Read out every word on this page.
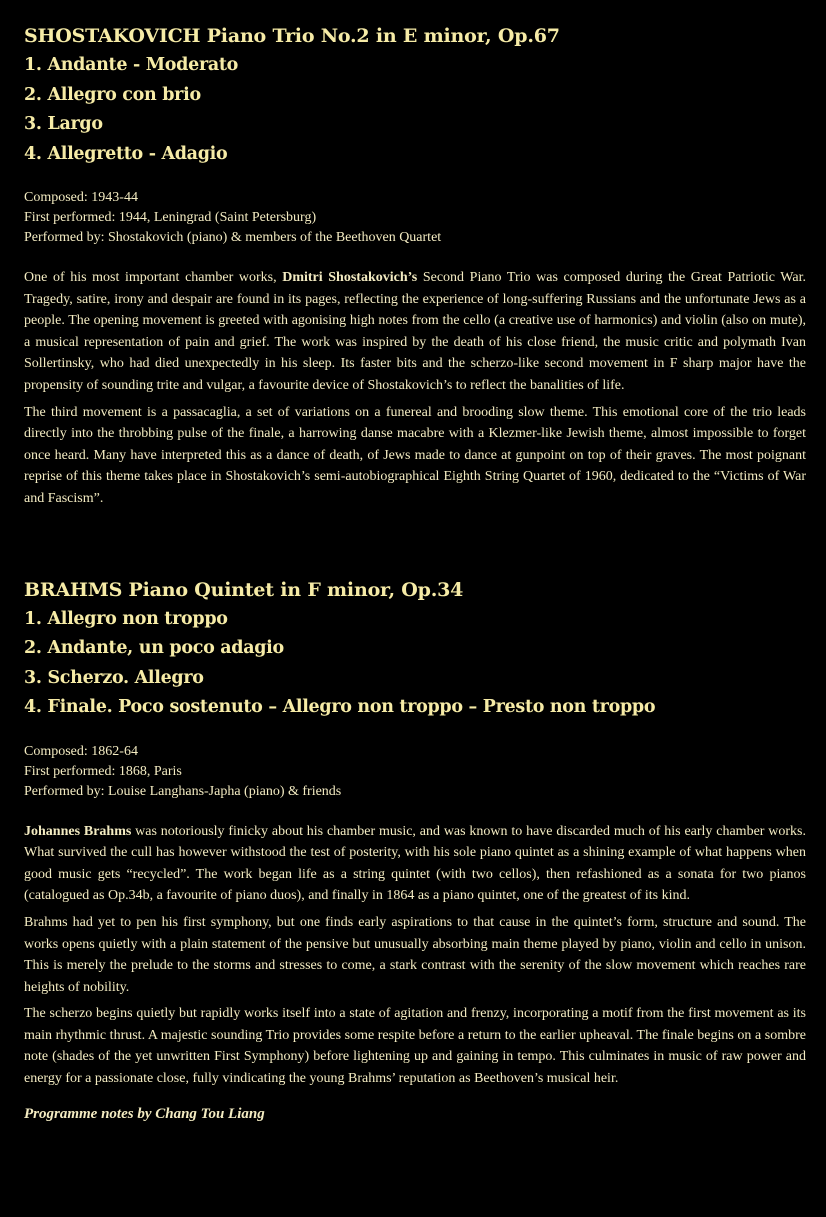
SHOSTAKOVICH Piano Trio No.2 in E minor, Op.67
1. Andante - Moderato
2. Allegro con brio
3. Largo
4. Allegretto - Adagio
Composed: 1943-44
First performed: 1944, Leningrad (Saint Petersburg)
Performed by: Shostakovich (piano) & members of the Beethoven Quartet

One of his most important chamber works, Dmitri Shostakovich’s Second Piano Trio was composed during the Great Patriotic War. Tragedy, satire, irony and despair are found in its pages, reflecting the experience of long-suffering Russians and the unfortunate Jews as a people. The opening movement is greeted with agonising high notes from the cello (a creative use of harmonics) and violin (also on mute), a musical representation of pain and grief. The work was inspired by the death of his close friend, the music critic and polymath Ivan Sollertinsky, who had died unexpectedly in his sleep. Its faster bits and the scherzo-like second movement in F sharp major have the propensity of sounding trite and vulgar, a favourite device of Shostakovich’s to reflect the banalities of life.

The third movement is a passacaglia, a set of variations on a funereal and brooding slow theme. This emotional core of the trio leads directly into the throbbing pulse of the finale, a harrowing danse macabre with a Klezmer-like Jewish theme, almost impossible to forget once heard. Many have interpreted this as a dance of death, of Jews made to dance at gunpoint on top of their graves. The most poignant reprise of this theme takes place in Shostakovich’s semi-autobiographical Eighth String Quartet of 1960, dedicated to the “Victims of War and Fascism”.

BRAHMS Piano Quintet in F minor, Op.34
1. Allegro non troppo
2. Andante, un poco adagio
3. Scherzo. Allegro
4. Finale. Poco sostenuto – Allegro non troppo – Presto non troppo
Composed: 1862-64
First performed: 1868, Paris
Performed by: Louise Langhans-Japha (piano) & friends

Johannes Brahms was notoriously finicky about his chamber music, and was known to have discarded much of his early chamber works. What survived the cull has however withstood the test of posterity, with his sole piano quintet as a shining example of what happens when good music gets “recycled”. The work began life as a string quintet (with two cellos), then refashioned as a sonata for two pianos (catalogued as Op.34b, a favourite of piano duos), and finally in 1864 as a piano quintet, one of the greatest of its kind.

Brahms had yet to pen his first symphony, but one finds early aspirations to that cause in the quintet’s form, structure and sound. The works opens quietly with a plain statement of the pensive but unusually absorbing main theme played by piano, violin and cello in unison. This is merely the prelude to the storms and stresses to come, a stark contrast with the serenity of the slow movement which reaches rare heights of nobility.

The scherzo begins quietly but rapidly works itself into a state of agitation and frenzy, incorporating a motif from the first movement as its main rhythmic thrust. A majestic sounding Trio provides some respite before a return to the earlier upheaval. The finale begins on a sombre note (shades of the yet unwritten First Symphony) before lightening up and gaining in tempo. This culminates in music of raw power and energy for a passionate close, fully vindicating the young Brahms’ reputation as Beethoven’s musical heir.

Programme notes by Chang Tou Liang
